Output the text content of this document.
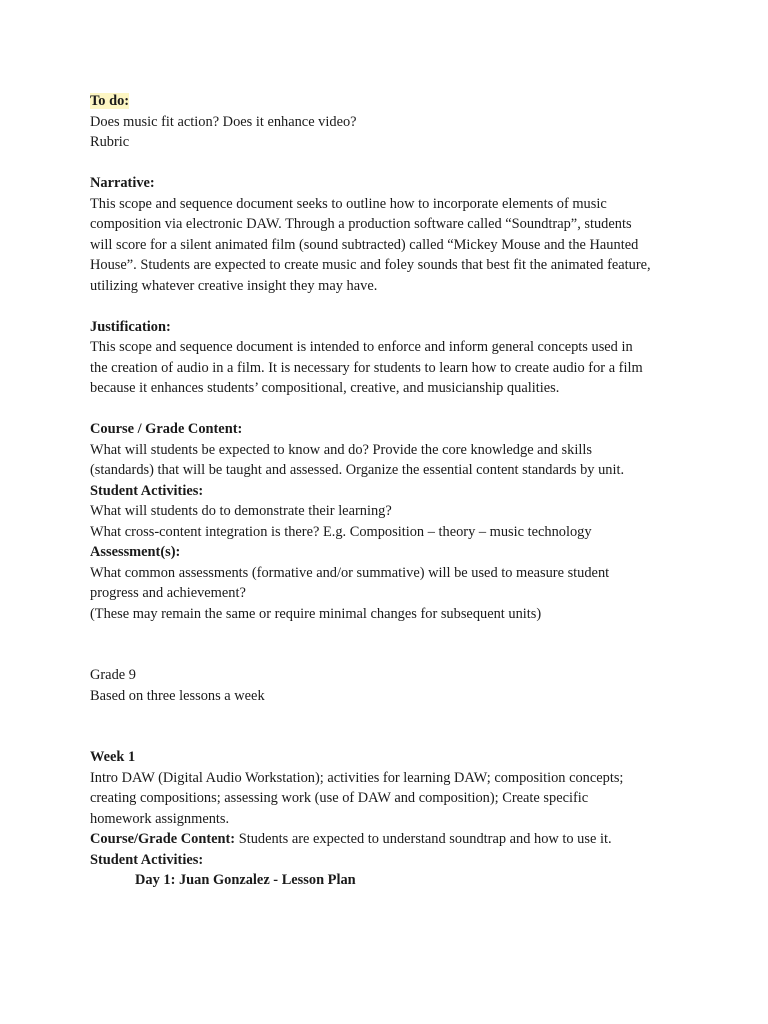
To do:

Does music fit action? Does it enhance video?

Rubric

Narrative:

This scope and sequence document seeks to outline how to incorporate elements of music

composition via electronic DAW. Through a production software called “Soundtrap”, students

will score for a silent animated film (sound subtracted) called “Mickey Mouse and the Haunted

House”. Students are expected to create music and foley sounds that best fit the animated feature,

utilizing whatever creative insight they may have.

Justification:

This scope and sequence document is intended to enforce and inform general concepts used in

the creation of audio in a film. It is necessary for students to learn how to create audio for a film

because it enhances students’ compositional, creative, and musicianship qualities.

Course / Grade Content:

What will students be expected to know and do? Provide the core knowledge and skills

(standards) that will be taught and assessed. Organize the essential content standards by unit.

Student Activities:

What will students do to demonstrate their learning?

What cross-content integration is there? E.g. Composition – theory – music technology

Assessment(s):

What common assessments (formative and/or summative) will be used to measure student

progress and achievement?

(These may remain the same or require minimal changes for subsequent units)

Grade 9

Based on three lessons a week

Week 1

Intro DAW (Digital Audio Workstation); activities for learning DAW; composition concepts;

creating compositions; assessing work (use of DAW and composition); Create specific

homework assignments.

Course/Grade Content: Students are expected to understand soundtrap and how to use it.

Student Activities:

Day 1: Juan Gonzalez - Lesson Plan
